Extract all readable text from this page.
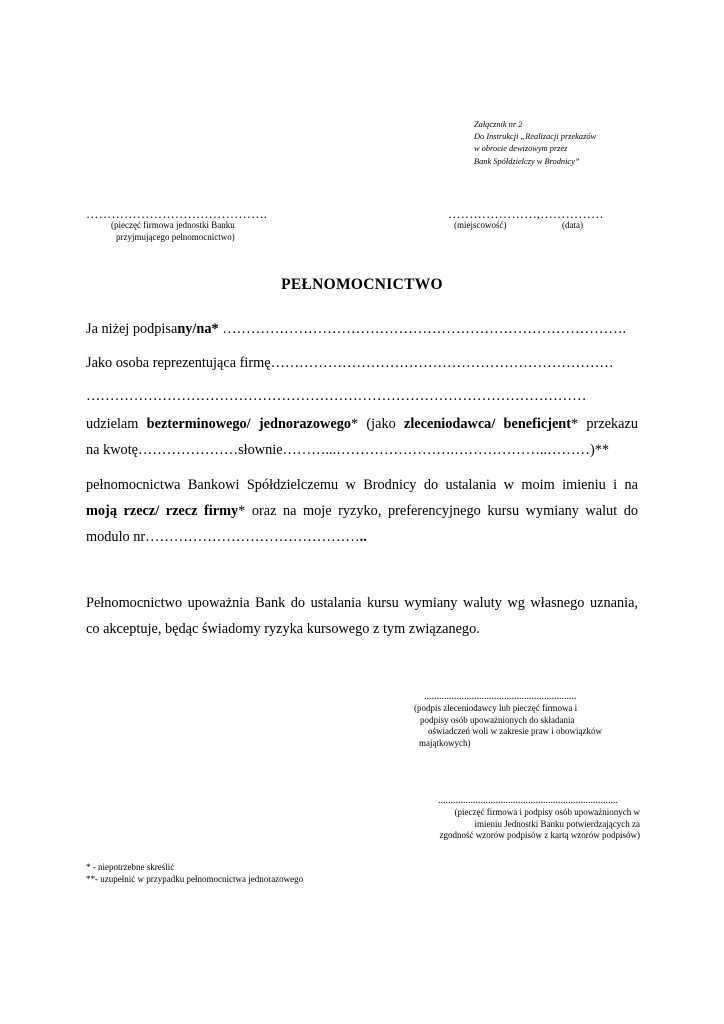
Załącznik nr 2
Do Instrukcji „Realizacji przekazów
w obrocie dewizowym przez
Bank Spółdzielczy w Brodnicy”
…………………………………….
(pieczęć firmowa jednostki Banku
przyjmującego pełnomocnictwo)
…………………,……………
(miejscowość)	(data)
PEŁNOMOCNICTWO
Ja niżej podpisany/na* ………………………………………………………………………….
Jako osoba reprezentująca firmę………………………………………………………………
……………………………………………………………………………………………
udzielam bezterminowego/ jednorazowego* (jako zleceniodawca/ beneficjent* przekazu
na kwotę…………………słownie………...…………………….………………..………)**
pełnomocnictwa Bankowi Spółdzielczemu w Brodnicy do ustalania w moim imieniu i na
moją rzecz/ rzecz firmy* oraz na moje ryzyko, preferencyjnego kursu wymiany walut do
modulo nr………………………………………..
Pełnomocnictwo upoważnia Bank do ustalania kursu wymiany waluty wg własnego uznania,
co akceptuje, będąc świadomy ryzyka kursowego z tym związanego.
.............................................................
(podpis zleceniodawcy lub pieczęć firmowa i
podpisy osób upoważnionych do składania
oświadczeń woli w zakresie praw i obowiązków
majątkowych)
........................................................................
(pieczęć firmowa i podpisy osób upoważnionych w
imieniu Jednostki Banku potwierdzających za
zgodność wzorów podpisów z kartą wzorów podpisów)
* - niepotrzebne skreślić
**- uzupełnić w przypadku pełnomocnictwa jednorazowego
